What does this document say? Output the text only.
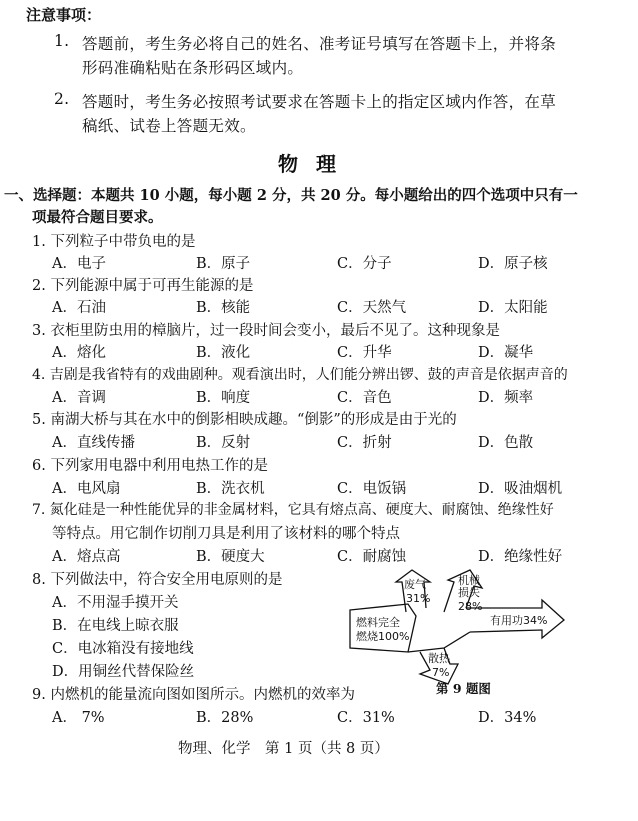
注意事项：
1. 答题前，考生务必将自己的姓名、准考证号填写在答题卡上，并将条
形码准确粘贴在条形码区域内。
2. 答题时，考生务必按照考试要求在答题卡上的指定区域内作答，在草
稿纸、试卷上答题无效。
物理
一、选择题：本题共 10 小题，每小题 2 分，共 20 分。每小题给出的四个选项中只有一
项最符合题目要求。
1. 下列粒子中带负电的是
A．电子	B．原子	C．分子	D．原子核
2. 下列能源中属于可再生能源的是
A．石油	B．核能	C．天然气	D．太阳能
3. 衣柜里防虫用的樟脑片，过一段时间会变小，最后不见了。这种现象是
A．熔化	B．液化	C．升华	D．凝华
4. 吉剧是我省特有的戏曲剧种。观看演出时，人们能分辨出锣、鼓的声音是依据声音的
A．音调	B．响度	C．音色	D．频率
5. 南湖大桥与其在水中的倒影相映成趣。“倒影”的形成是由于光的
A．直线传播	B．反射	C．折射	D．色散
6. 下列家用电器中利用电热工作的是
A．电风扇	B．洗衣机	C．电饭锅	D．吸油烟机
7. 氮化硅是一种性能优异的非金属材料，它具有熔点高、硬度大、耐腐蚀、绝缘性好
等特点。用它制作切削刀具是利用了该材料的哪个特点
A．熔点高	B．硬度大	C．耐腐蚀	D．绝缘性好
8. 下列做法中，符合安全用电原则的是
A．不用湿手摸开关
B．在电线上晾衣服
C．电冰箱没有接地线
D．用铜丝代替保险丝
燃料完全
燃烧100%
废气
31%
机械
损失
28%
有用功34%
散热
7%
第 9 题图
9. 内燃机的能量流向图如图所示。内燃机的效率为
A． 7%	B．28%	C．31%	D．34%
物理、化学　第 1 页（共 8 页）
